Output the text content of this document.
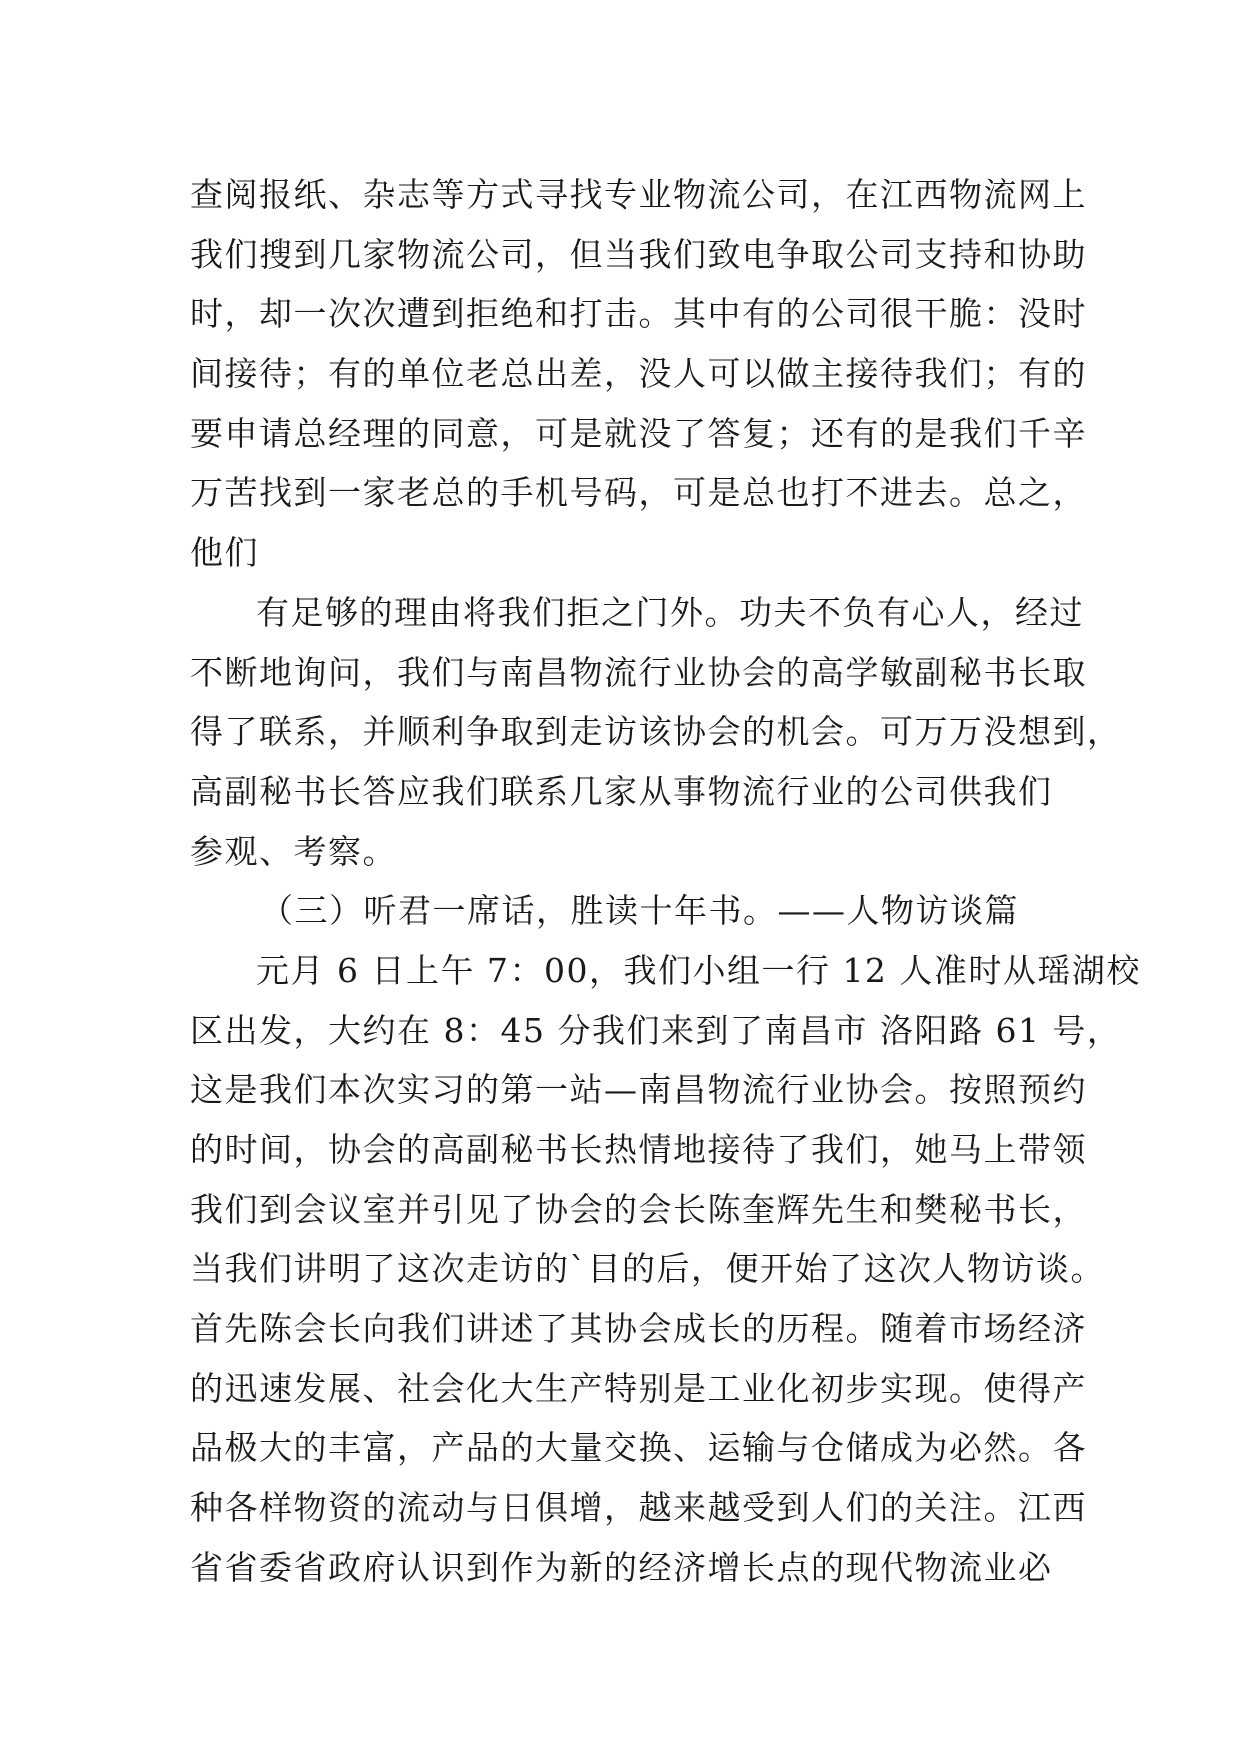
查阅报纸、杂志等方式寻找专业物流公司，在江西物流网上
我们搜到几家物流公司，但当我们致电争取公司支持和协助
时，却一次次遭到拒绝和打击。其中有的公司很干脆：没时
间接待；有的单位老总出差，没人可以做主接待我们；有的
要申请总经理的同意，可是就没了答复；还有的是我们千辛
万苦找到一家老总的手机号码，可是总也打不进去。总之，
他们
有足够的理由将我们拒之门外。功夫不负有心人，经过
不断地询问，我们与南昌物流行业协会的高学敏副秘书长取
得了联系，并顺利争取到走访该协会的机会。可万万没想到，
高副秘书长答应我们联系几家从事物流行业的公司供我们
参观、考察。
（三）听君一席话，胜读十年书。——人物访谈篇
元月 6 日上午 7：00，我们小组一行 12 人准时从瑶湖校
区出发，大约在 8：45 分我们来到了南昌市 洛阳路 61 号，
这是我们本次实习的第一站—南昌物流行业协会。按照预约
的时间，协会的高副秘书长热情地接待了我们，她马上带领
我们到会议室并引见了协会的会长陈奎辉先生和樊秘书长，
当我们讲明了这次走访的`目的后，便开始了这次人物访谈。
首先陈会长向我们讲述了其协会成长的历程。随着市场经济
的迅速发展、社会化大生产特别是工业化初步实现。使得产
品极大的丰富，产品的大量交换、运输与仓储成为必然。各
种各样物资的流动与日俱增，越来越受到人们的关注。江西
省省委省政府认识到作为新的经济增长点的现代物流业必
